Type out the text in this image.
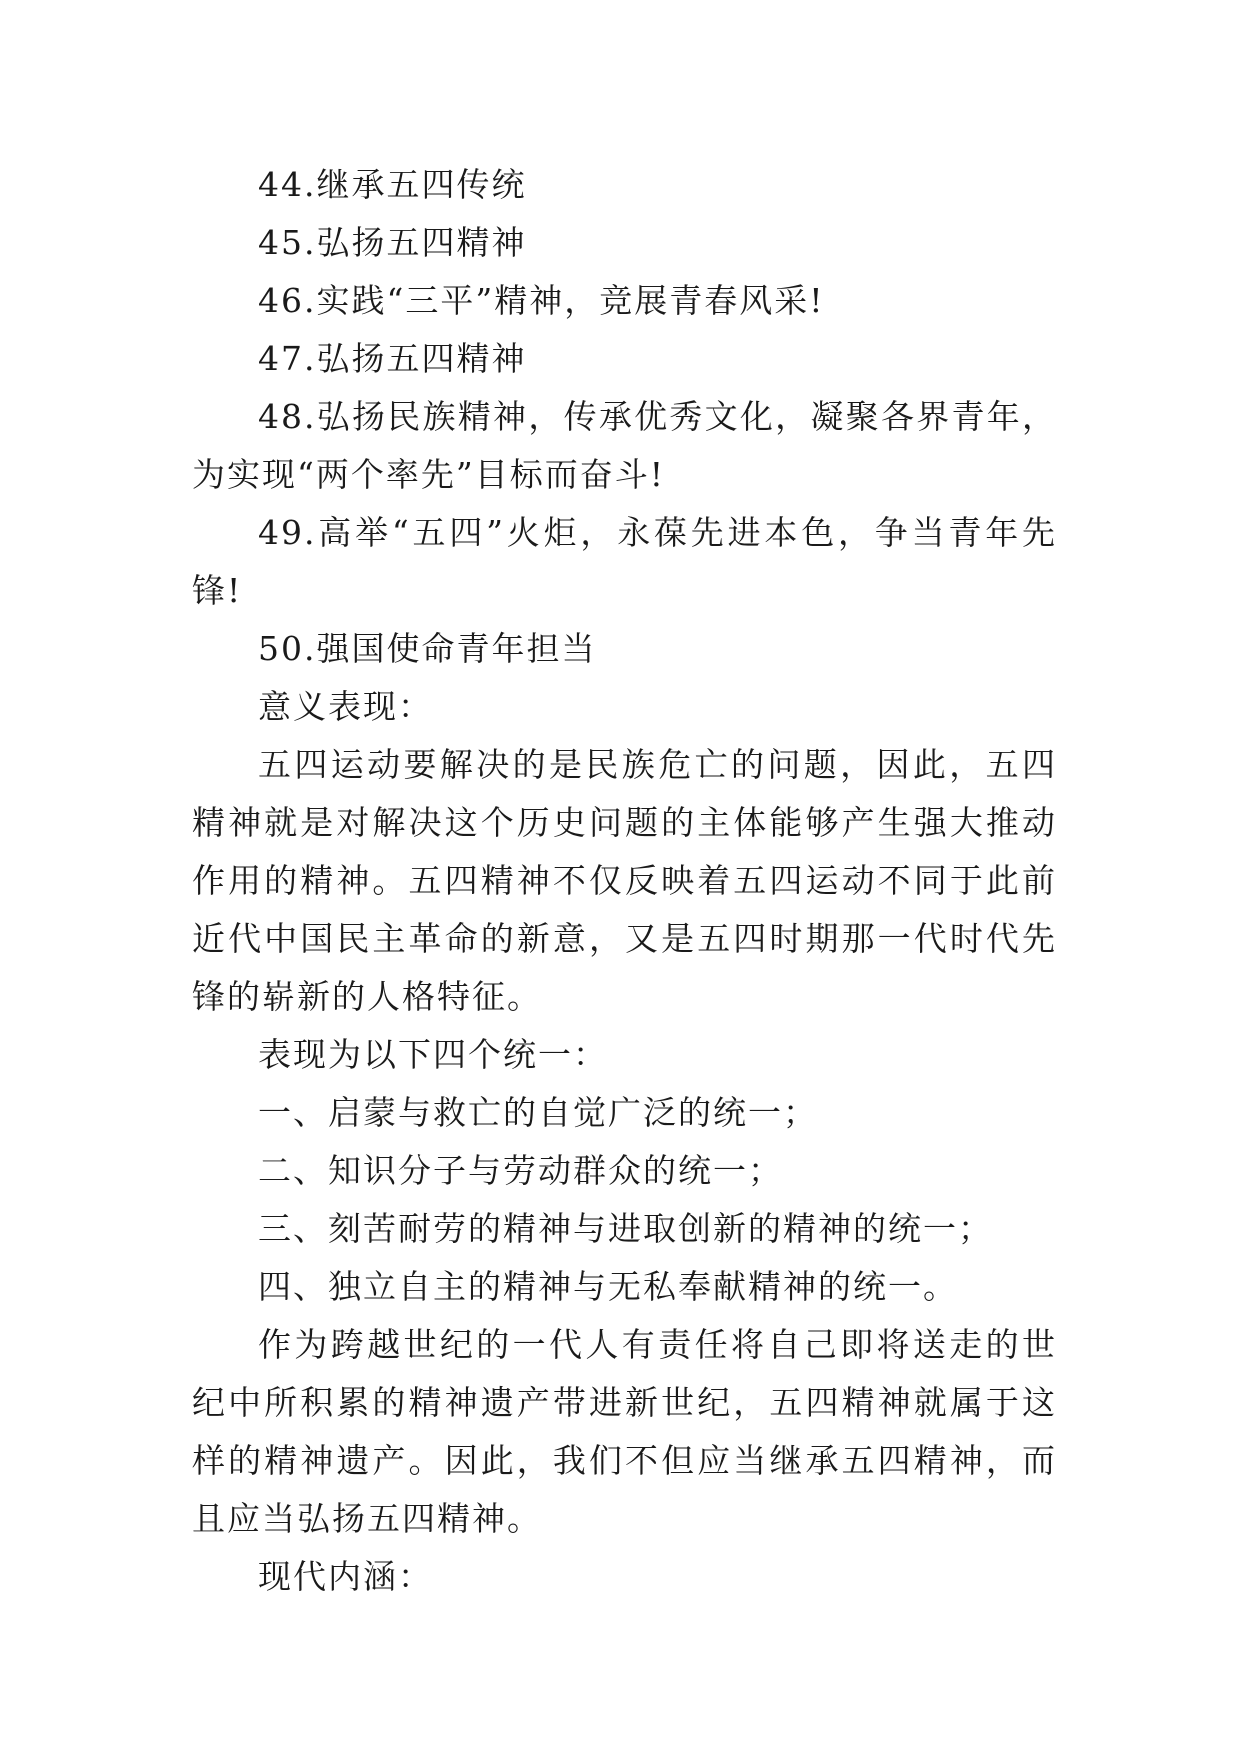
44.继承五四传统

45.弘扬五四精神

46.实践“三平”精神，竞展青春风采!

47.弘扬五四精神

48.弘扬民族精神，传承优秀文化，凝聚各界青年，为实现“两个率先”目标而奋斗!

49.高举“五四”火炬，永葆先进本色，争当青年先锋!

50.强国使命青年担当

意义表现：

五四运动要解决的是民族危亡的问题，因此，五四精神就是对解决这个历史问题的主体能够产生强大推动作用的精神。五四精神不仅反映着五四运动不同于此前近代中国民主革命的新意，又是五四时期那一代时代先锋的崭新的人格特征。

表现为以下四个统一：

一、启蒙与救亡的自觉广泛的统一；

二、知识分子与劳动群众的统一；

三、刻苦耐劳的精神与进取创新的精神的统一；

四、独立自主的精神与无私奉献精神的统一。

作为跨越世纪的一代人有责任将自己即将送走的世纪中所积累的精神遗产带进新世纪，五四精神就属于这样的精神遗产。因此，我们不但应当继承五四精神，而且应当弘扬五四精神。

现代内涵：
